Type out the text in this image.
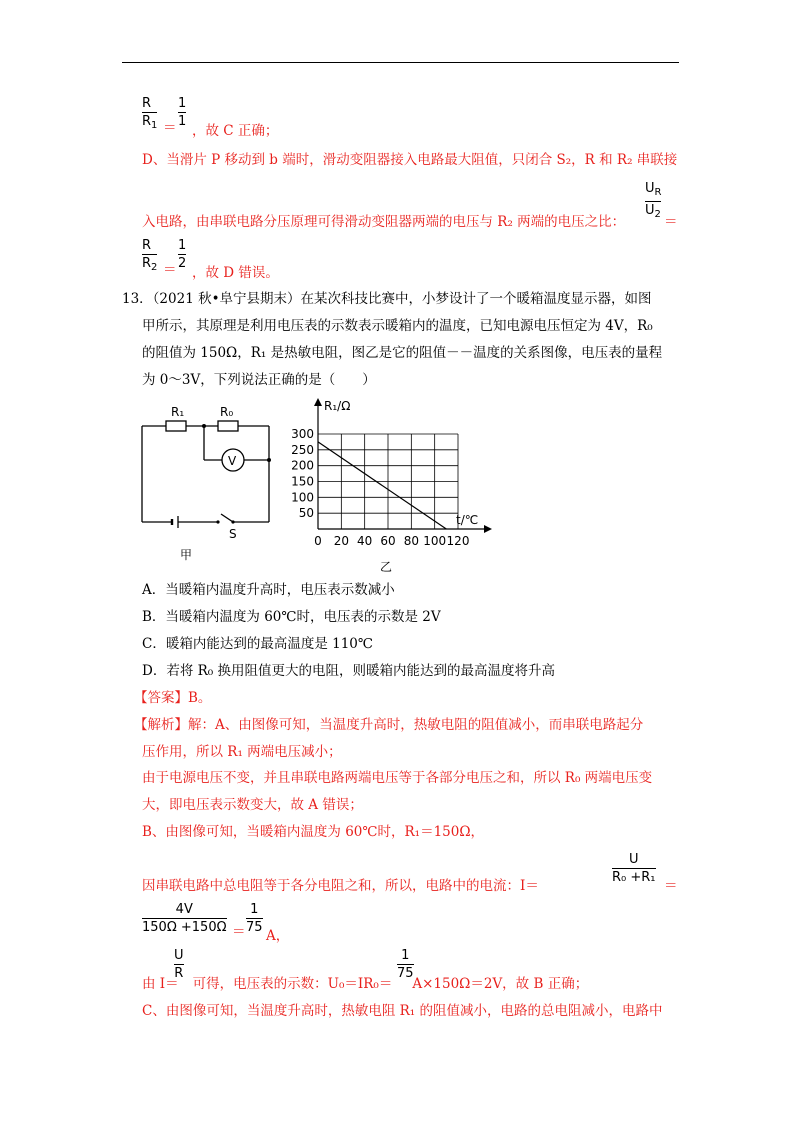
$\frac{R}{R_1} = \frac{1}{1}$
，故 C 正确；
D、当滑片 P 移动到 b 端时，滑动变阻器接入电路最大阻值，只闭合 S₂，R 和 R₂ 串联接
$\frac{U_R}{U_2}$
入电路，由串联电路分压原理可得滑动变阻器两端的电压与 R₂ 两端的电压之比：	＝
$\frac{R}{R_2} = \frac{1}{2}$
，故 D 错误。
13．（2021 秋•阜宁县期末）在某次科技比赛中，小梦设计了一个暖箱温度显示器，如图
甲所示，其原理是利用电压表的示数表示暖箱内的温度，已知电源电压恒定为 4V，R₀
的阻值为 150Ω，R₁ 是热敏电阻，图乙是它的阻值－－温度的关系图像，电压表的量程
为 0～3V，下列说法正确的是（　　）
R₁	R₀
V
S
甲
R₁/Ω
t/℃
乙
0 20 40 60 80 100 120
50
100
150
200
250
300
A．当暖箱内温度升高时，电压表示数减小
B．当暖箱内温度为 60℃时，电压表的示数是 2V
C．暖箱内能达到的最高温度是 110℃
D．若将 R₀ 换用阻值更大的电阻，则暖箱内能达到的最高温度将升高
【答案】B。
【解析】解：A、由图像可知，当温度升高时，热敏电阻的阻值减小，而串联电路起分
压作用，所以 R₁ 两端电压减小；
由于电源电压不变，并且串联电路两端电压等于各部分电压之和，所以 R₀ 两端电压变
大，即电压表示数变大，故 A 错误；
B、由图像可知，当暖箱内温度为 60℃时，R₁＝150Ω，
因串联电路中总电阻等于各分电阻之和，所以，电路中的电流：I＝	$\frac{U}{\text{R₀ +R₁}}$ ＝
$\frac{4V}{150\Omega +150\Omega} = \frac{1}{75}$ A，
由 I＝ 可得，电压表的示数：U₀＝IR₀＝ A×150Ω＝2V，故 B 正确；
$\frac{U}{R}$	$\frac{1}{75}$
C、由图像可知，当温度升高时，热敏电阻 R₁ 的阻值减小，电路的总电阻减小，电路中
